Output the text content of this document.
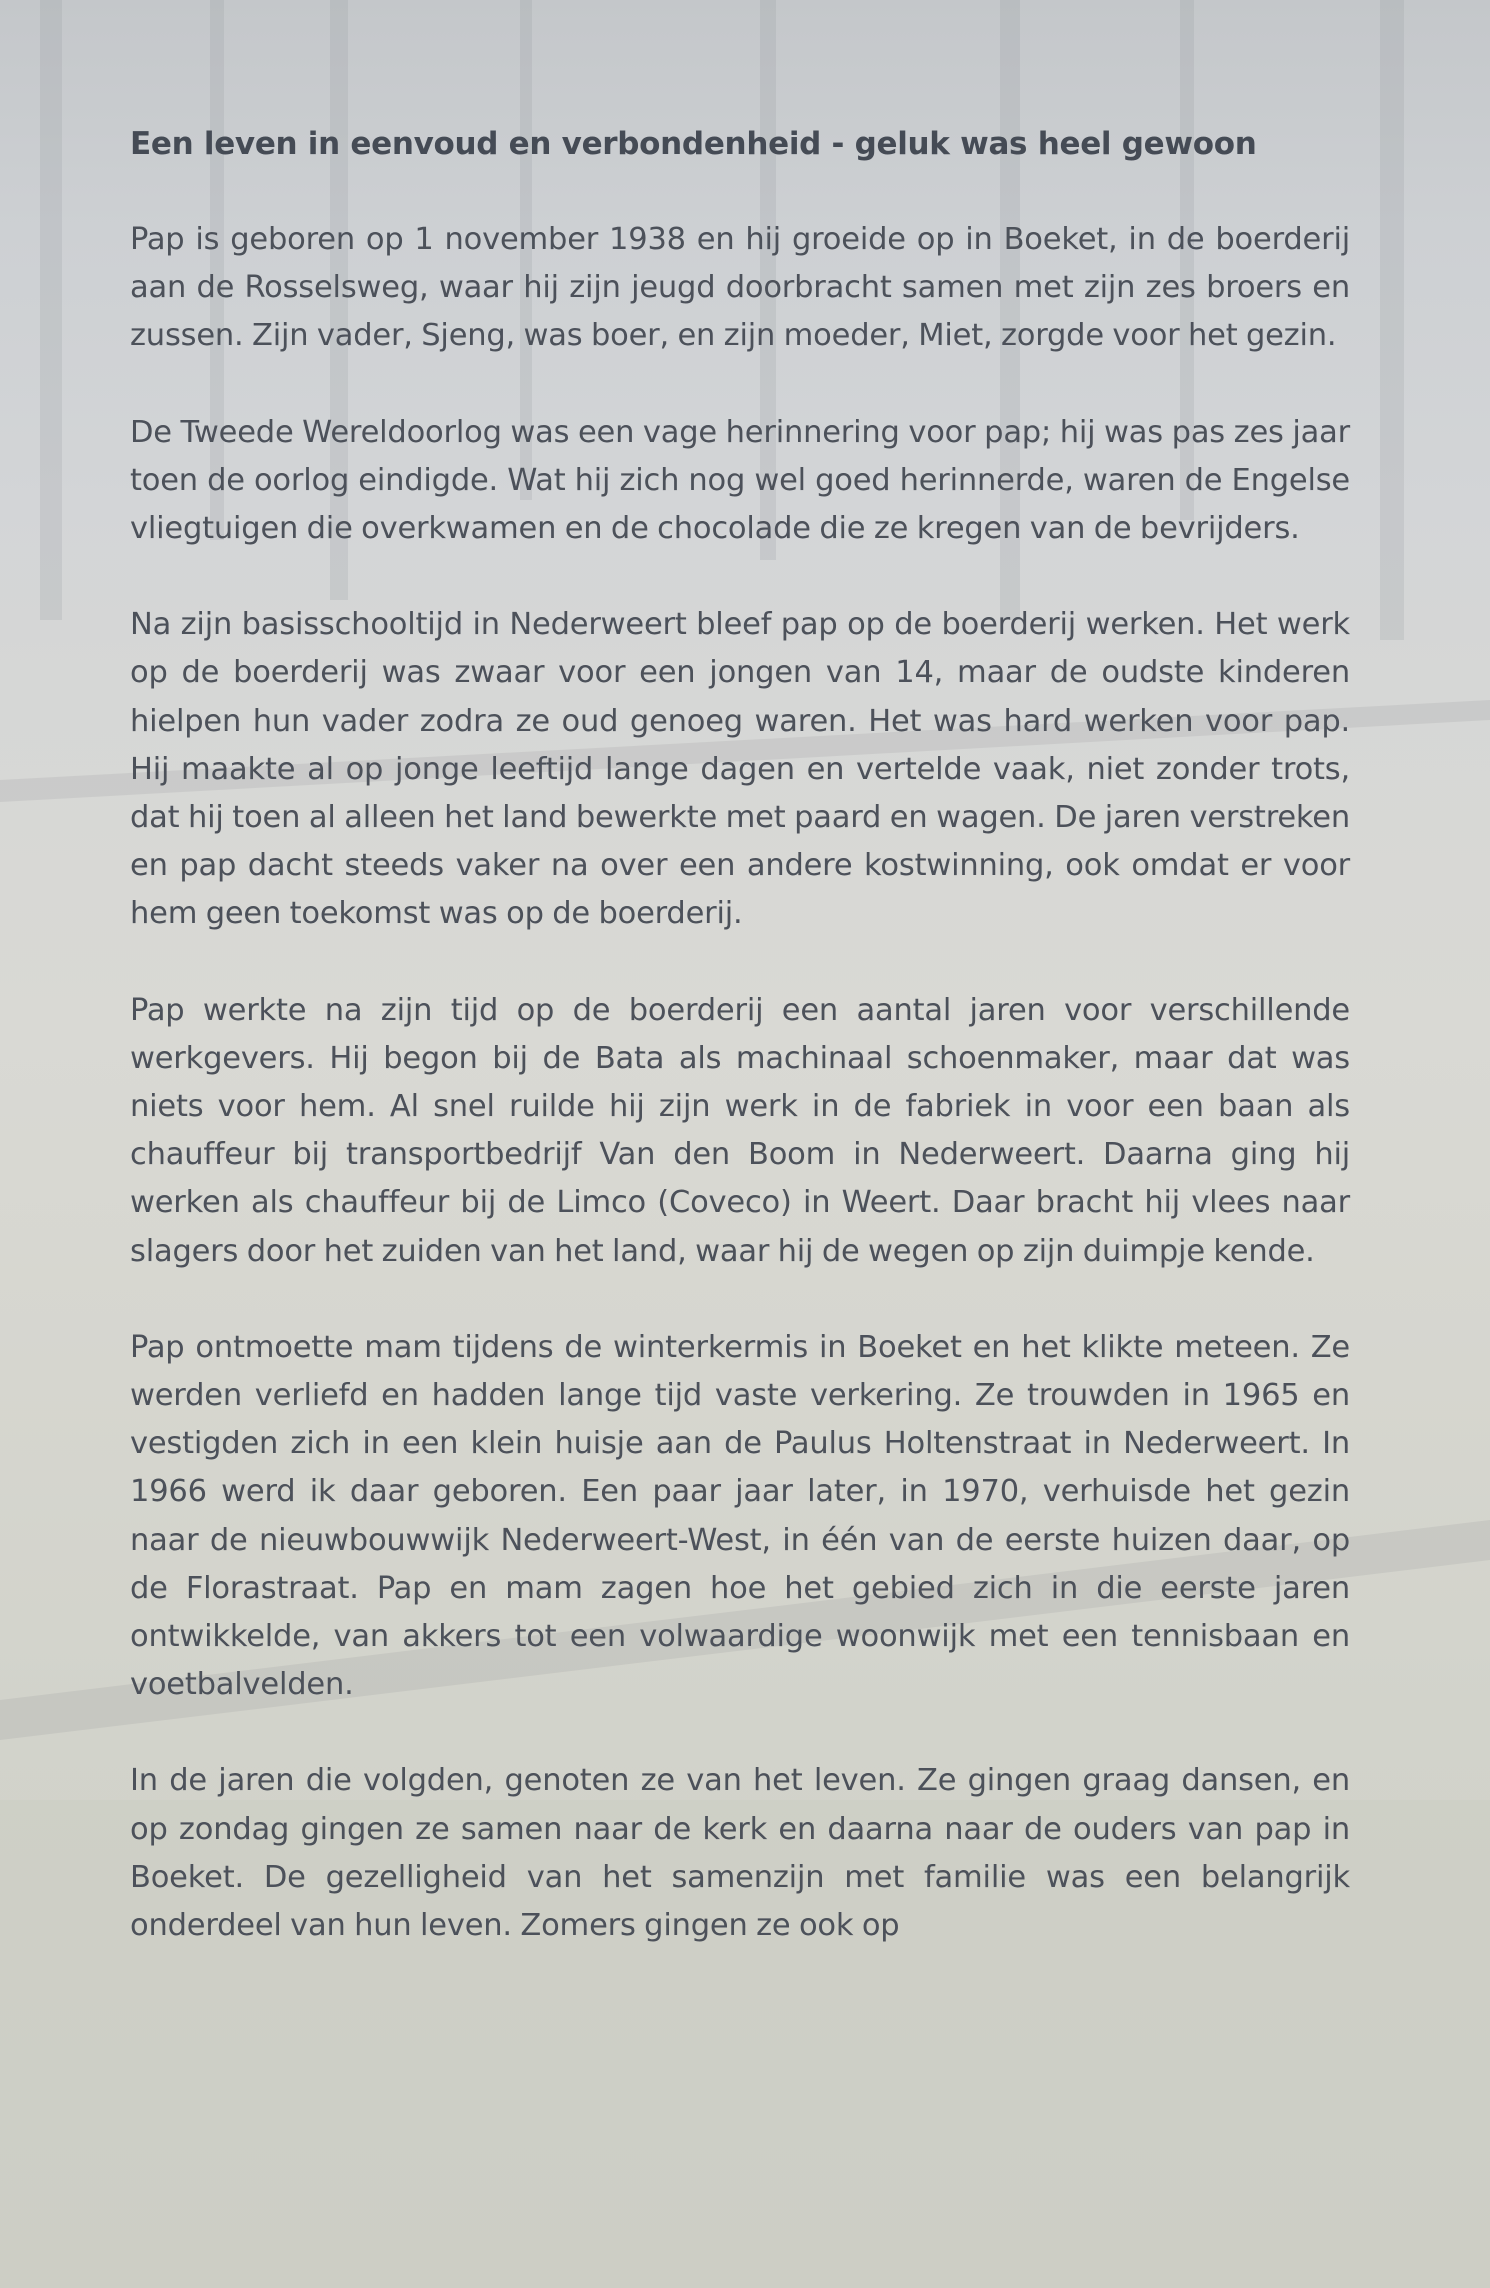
Een leven in eenvoud en verbondenheid - geluk was heel gewoon

Pap is geboren op 1 november 1938 en hij groeide op in Boeket, in de boerderij aan de Rosselsweg, waar hij zijn jeugd doorbracht samen met zijn zes broers en zussen. Zijn vader, Sjeng, was boer, en zijn moeder, Miet, zorgde voor het gezin.

De Tweede Wereldoorlog was een vage herinnering voor pap; hij was pas zes jaar toen de oorlog eindigde. Wat hij zich nog wel goed herinnerde, waren de Engelse vliegtuigen die overkwamen en de chocolade die ze kregen van de bevrijders.

Na zijn basisschooltijd in Nederweert bleef pap op de boerderij werken. Het werk op de boerderij was zwaar voor een jongen van 14, maar de oudste kinderen hielpen hun vader zodra ze oud genoeg waren. Het was hard werken voor pap. Hij maakte al op jonge leeftijd lange dagen en vertelde vaak, niet zonder trots, dat hij toen al alleen het land bewerkte met paard en wagen. De jaren verstreken en pap dacht steeds vaker na over een andere kostwinning, ook omdat er voor hem geen toekomst was op de boerderij.

Pap werkte na zijn tijd op de boerderij een aantal jaren voor verschillende werkgevers. Hij begon bij de Bata als machinaal schoenmaker, maar dat was niets voor hem. Al snel ruilde hij zijn werk in de fabriek in voor een baan als chauffeur bij transportbedrijf Van den Boom in Nederweert. Daarna ging hij werken als chauffeur bij de Limco (Coveco) in Weert. Daar bracht hij vlees naar slagers door het zuiden van het land, waar hij de wegen op zijn duimpje kende.

Pap ontmoette mam tijdens de winterkermis in Boeket en het klikte meteen. Ze werden verliefd en hadden lange tijd vaste verkering. Ze trouwden in 1965 en vestigden zich in een klein huisje aan de Paulus Holtenstraat in Nederweert. In 1966 werd ik daar geboren. Een paar jaar later, in 1970, verhuisde het gezin naar de nieuwbouwwijk Nederweert-West, in één van de eerste huizen daar, op de Florastraat. Pap en mam zagen hoe het gebied zich in die eerste jaren ontwikkelde, van akkers tot een volwaardige woonwijk met een tennisbaan en voetbalvelden.

In de jaren die volgden, genoten ze van het leven. Ze gingen graag dansen, en op zondag gingen ze samen naar de kerk en daarna naar de ouders van pap in Boeket. De gezelligheid van het samenzijn met familie was een belangrijk onderdeel van hun leven. Zomers gingen ze ook op
